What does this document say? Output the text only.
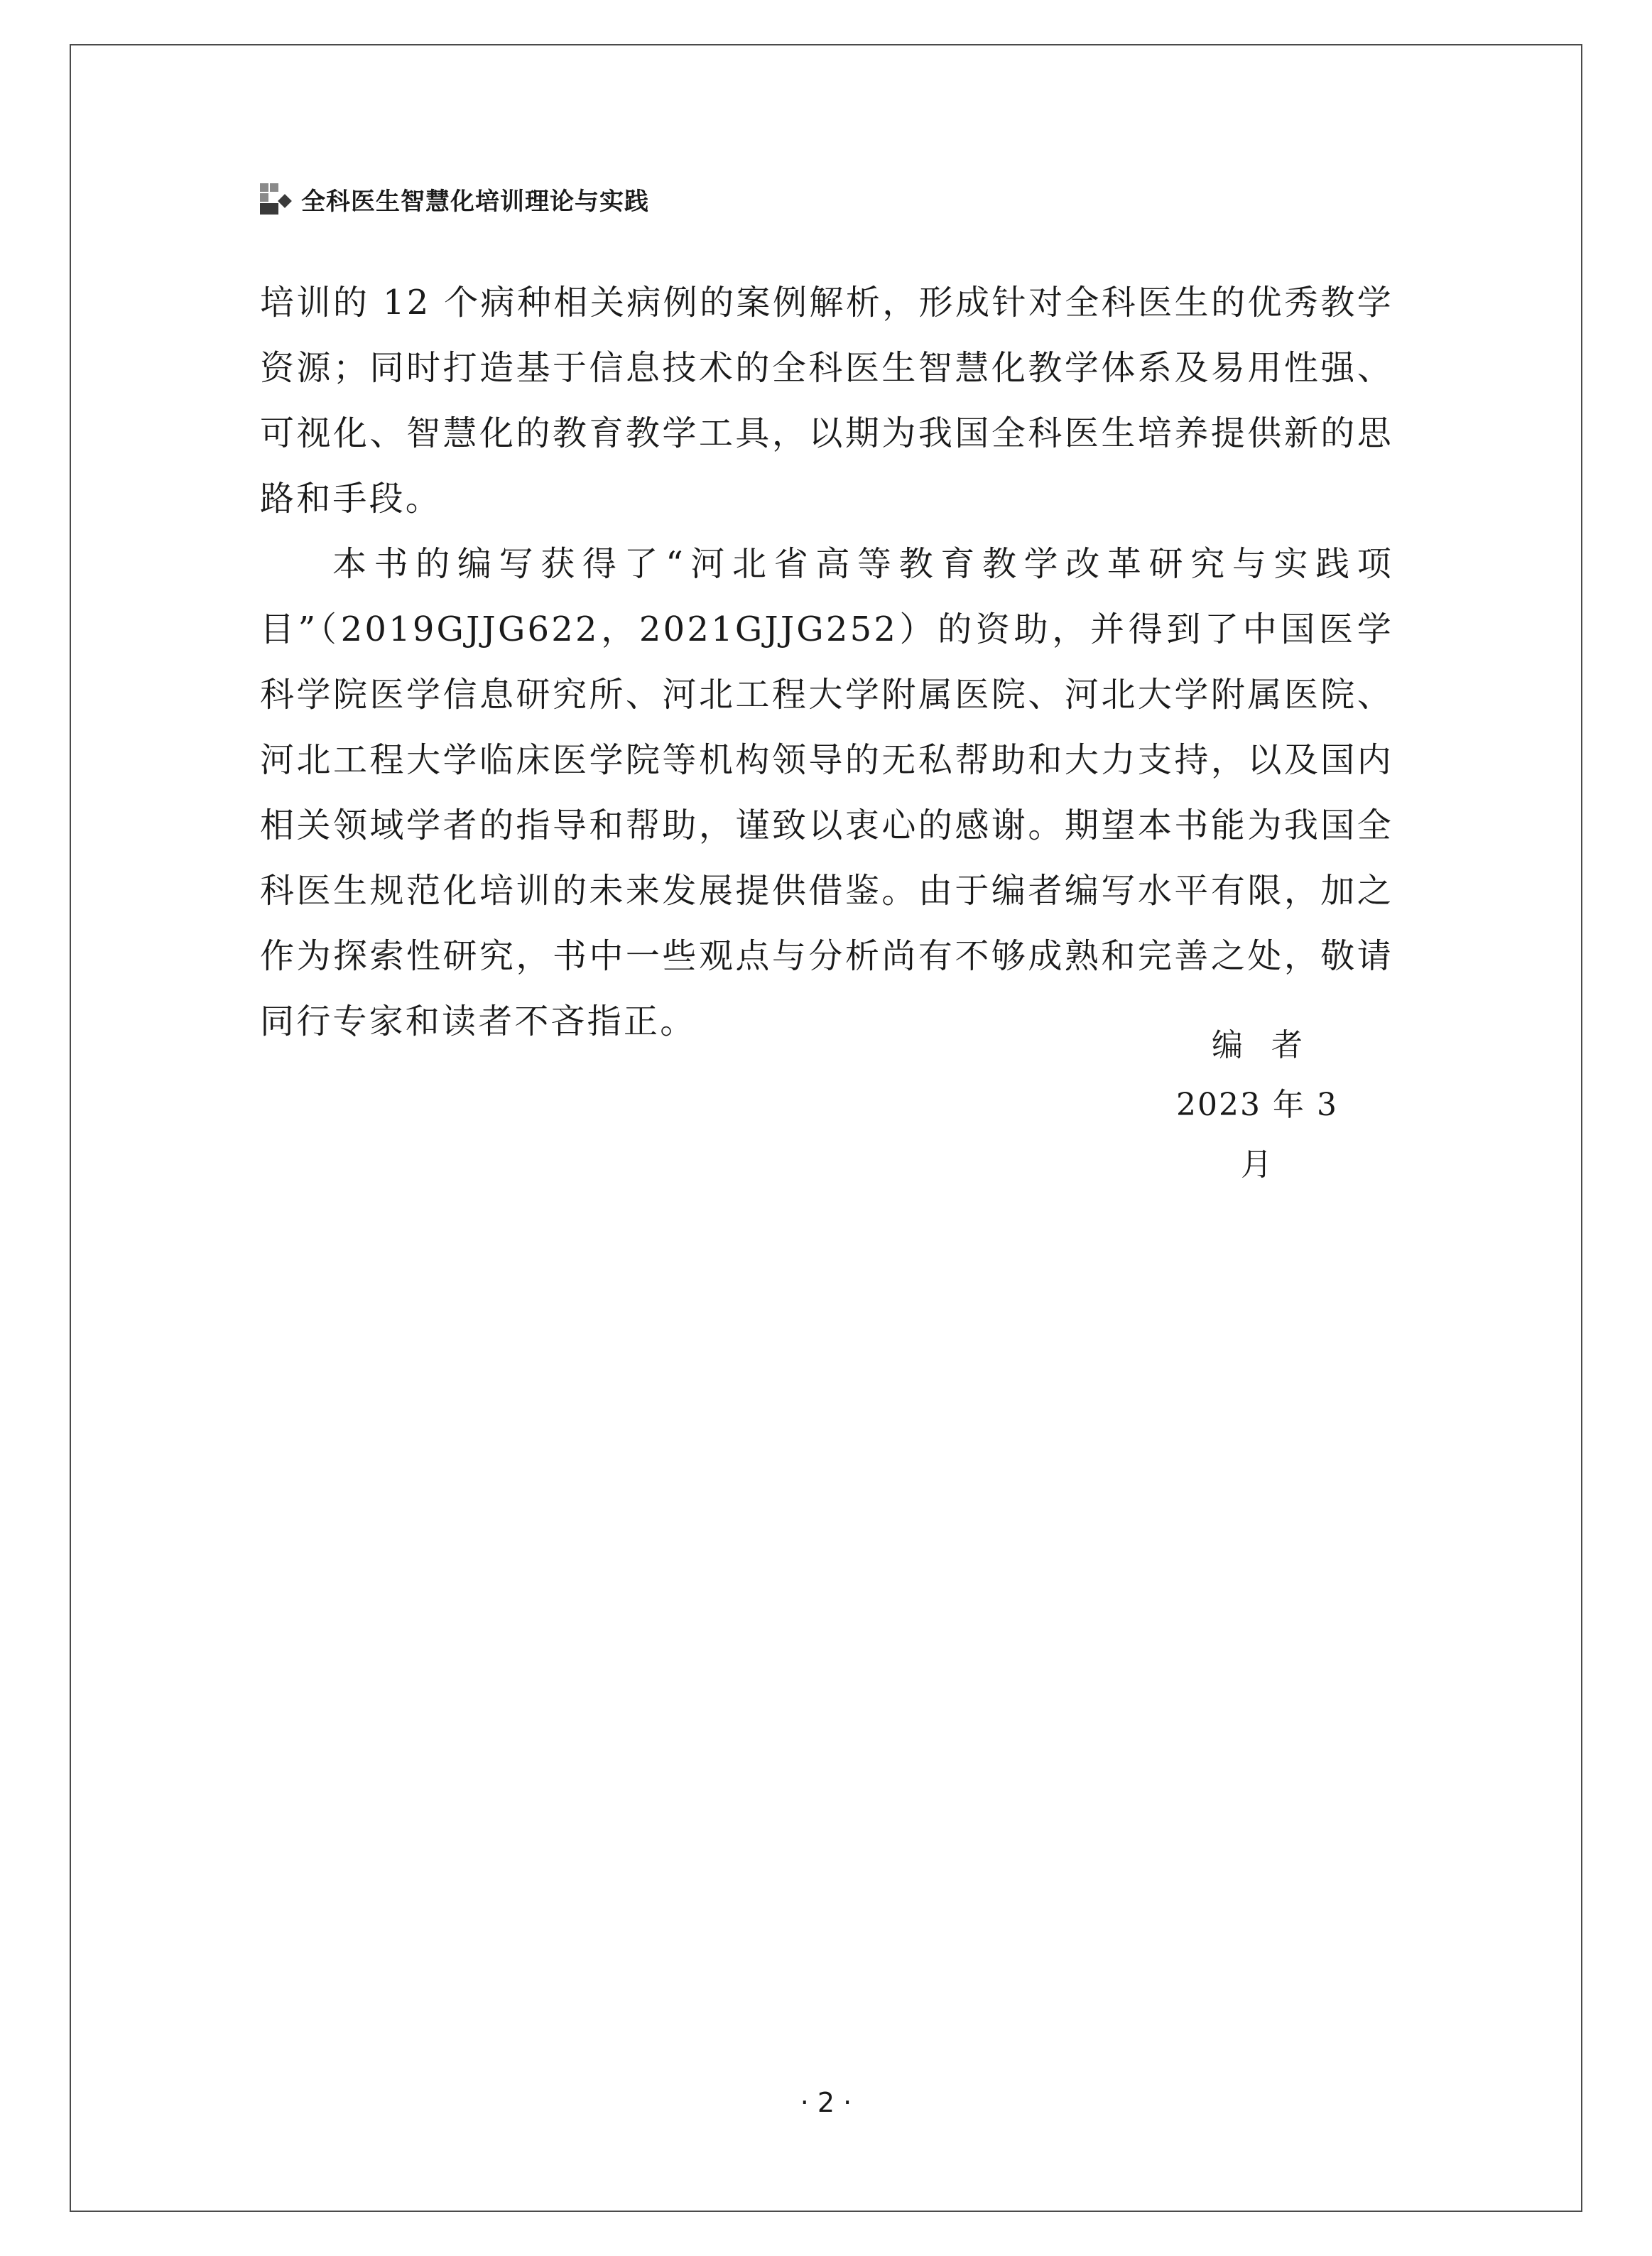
全科医生智慧化培训理论与实践

培训的 12 个病种相关病例的案例解析，形成针对全科医生的优秀教学资源；同时打造基于信息技术的全科医生智慧化教学体系及易用性强、可视化、智慧化的教育教学工具，以期为我国全科医生培养提供新的思路和手段。

本书的编写获得了“河北省高等教育教学改革研究与实践项目”（2019GJJG622，2021GJJG252）的资助，并得到了中国医学科学院医学信息研究所、河北工程大学附属医院、河北大学附属医院、河北工程大学临床医学院等机构领导的无私帮助和大力支持，以及国内相关领域学者的指导和帮助，谨致以衷心的感谢。期望本书能为我国全科医生规范化培训的未来发展提供借鉴。由于编者编写水平有限，加之作为探索性研究，书中一些观点与分析尚有不够成熟和完善之处，敬请同行专家和读者不吝指正。

编者
2023 年 3 月
· 2 ·
